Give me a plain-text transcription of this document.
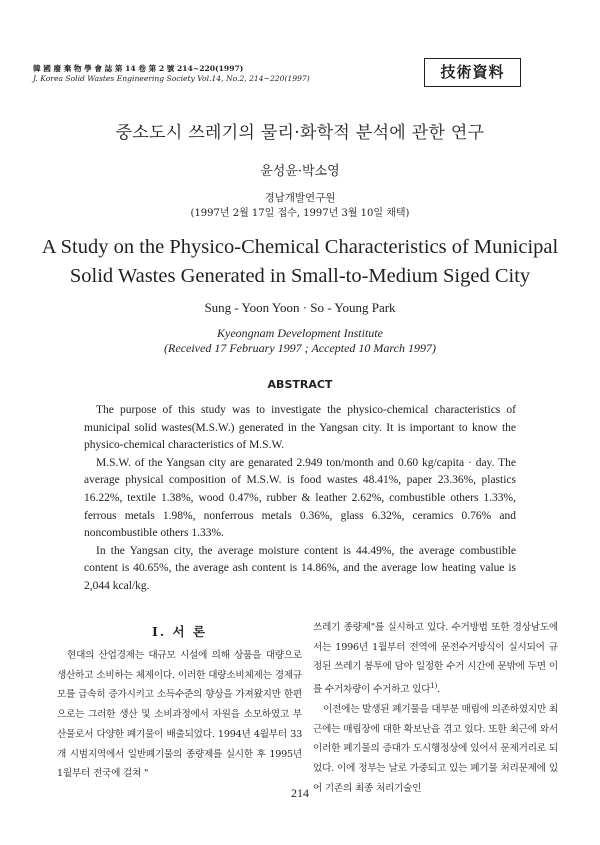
韓 國 廢 棄 物 學 會 誌 第 14 卷 第 2 號 214~220(1997)
J. Korea Solid Wastes Engineering Society Vol.14, No.2, 214~220(1997)	技術資料
중소도시 쓰레기의 물리·화학적 분석에 관한 연구
윤성윤·박소영
경남개발연구원
(1997년 2월 17일 접수, 1997년 3월 10일 채택)
A Study on the Physico-Chemical Characteristics of Municipal
Solid Wastes Generated in Small-to-Medium Siged City
Sung - Yoon Yoon · So - Young Park
Kyeongnam Development Institute
(Received 17 February 1997 ; Accepted 10 March 1997)
ABSTRACT

The purpose of this study was to investigate the physico-chemical characteristics of municipal solid wastes(M.S.W.) generated in the Yangsan city. It is important to know the physico-chemical characteristics of M.S.W.

M.S.W. of the Yangsan city are genarated 2.949 ton/month and 0.60 kg/capita · day. The average physical composition of M.S.W. is food wastes 48.41%, paper 23.36%, plastics 16.22%, textile 1.38%, wood 0.47%, rubber & leather 2.62%, combustible others 1.33%, ferrous metals 1.98%, nonferrous metals 0.36%, glass 6.32%, ceramics 0.76% and noncombustible others 1.33%.

In the Yangsan city, the average moisture content is 44.49%, the average combustible content is 40.65%, the average ash content is 14.86%, and the average low heating value is 2,044 kcal/kg.

Ⅰ. 서 론

현대의 산업경제는 대규모 시설에 의해 상품을 대량으로 생산하고 소비하는 체제이다. 이러한 대량소비체제는 경제규모를 급속히 증가시키고 소득수준의 향상을 가져왔지만 한편으로는 그러한 생산 및 소비과정에서 자원을 소모하였고 부산물로서 다양한 폐기물이 배출되었다. 1994년 4월부터 33개 시범지역에서 일반폐기물의 종량제를 실시한 후 1995년 1월부터 전국에 걸쳐 "

쓰레기 종량제"를 실시하고 있다. 수거방법 또한 경상남도에서는 1996년 1월부터 전역에 문전수거방식이 실시되어 규정된 쓰레기 봉투에 담아 일정한 수거 시간에 문밖에 두면 이를 수거차량이 수거하고 있다$^{1)}$.

이전에는 발생된 폐기물을 대부분 매립에 의존하였지만 최근에는 매립장에 대한 확보난을 겪고 있다. 또한 최근에 와서 이러한 폐기물의 증대가 도시행정상에 있어서 문제거리로 되었다. 이에 정부는 날로 가중되고 있는 폐기물 처리문제에 있어 기존의 최종 처리기술인

214
